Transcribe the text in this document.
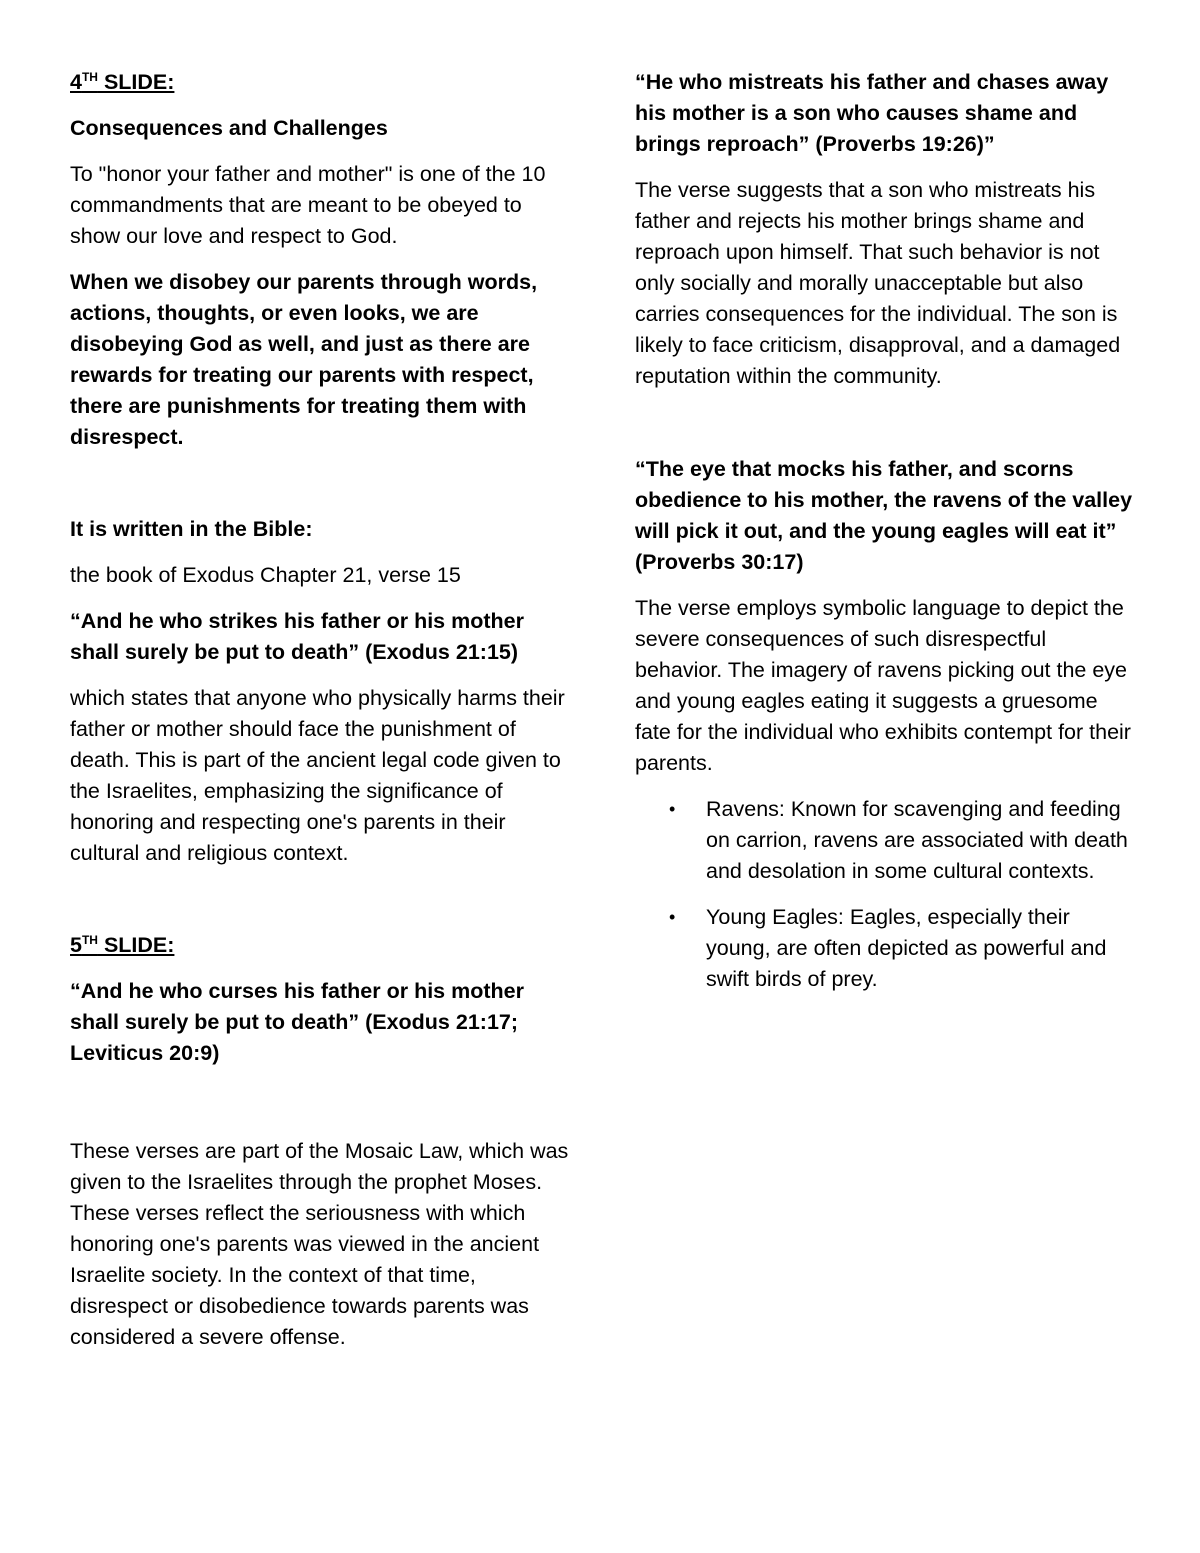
4TH SLIDE:

Consequences and Challenges

To "honor your father and mother" is one of the 10 commandments that are meant to be obeyed to show our love and respect to God.

When we disobey our parents through words, actions, thoughts, or even looks, we are disobeying God as well, and just as there are rewards for treating our parents with respect, there are punishments for treating them with disrespect.

It is written in the Bible:

the book of Exodus Chapter 21, verse 15

“And he who strikes his father or his mother shall surely be put to death” (Exodus 21:15)

which states that anyone who physically harms their father or mother should face the punishment of death. This is part of the ancient legal code given to the Israelites, emphasizing the significance of honoring and respecting one's parents in their cultural and religious context.

5TH SLIDE:

“And he who curses his father or his mother shall surely be put to death” (Exodus 21:17; Leviticus 20:9)

These verses are part of the Mosaic Law, which was given to the Israelites through the prophet Moses. These verses reflect the seriousness with which honoring one's parents was viewed in the ancient Israelite society. In the context of that time, disrespect or disobedience towards parents was considered a severe offense.

“He who mistreats his father and chases away his mother is a son who causes shame and brings reproach” (Proverbs 19:26)”

The verse suggests that a son who mistreats his father and rejects his mother brings shame and reproach upon himself. That such behavior is not only socially and morally unacceptable but also carries consequences for the individual. The son is likely to face criticism, disapproval, and a damaged reputation within the community.

“The eye that mocks his father, and scorns obedience to his mother, the ravens of the valley will pick it out, and the young eagles will eat it” (Proverbs 30:17)

The verse employs symbolic language to depict the severe consequences of such disrespectful behavior. The imagery of ravens picking out the eye and young eagles eating it suggests a gruesome fate for the individual who exhibits contempt for their parents.

• Ravens: Known for scavenging and feeding on carrion, ravens are associated with death and desolation in some cultural contexts.
• Young Eagles: Eagles, especially their young, are often depicted as powerful and swift birds of prey.
